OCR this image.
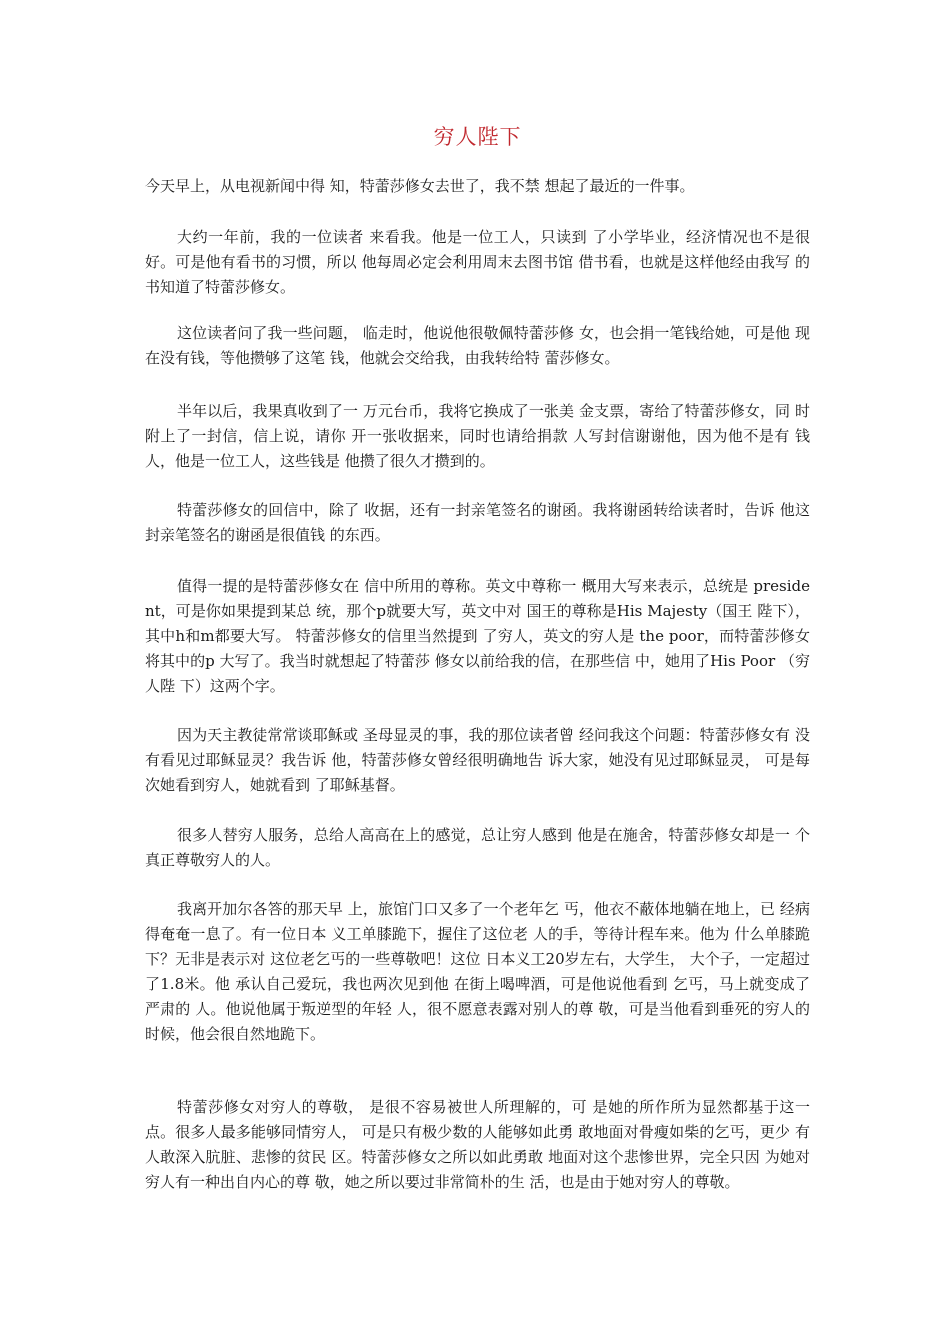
穷人陛下

今天早上，从电视新闻中得 知，特蕾莎修女去世了，我不禁 想起了最近的一件事。

大约一年前，我的一位读者 来看我。他是一位工人，只读到 了小学毕业，经济情况也不是很 好。可是他有看书的习惯，所以 他每周必定会利用周末去图书馆 借书看，也就是这样他经由我写 的书知道了特蕾莎修女。

这位读者问了我一些问题， 临走时，他说他很敬佩特蕾莎修 女，也会捐一笔钱给她，可是他 现在没有钱，等他攒够了这笔 钱，他就会交给我，由我转给特 蕾莎修女。

半年以后，我果真收到了一 万元台币，我将它换成了一张美 金支票，寄给了特蕾莎修女，同 时附上了一封信，信上说，请你 开一张收据来，同时也请给捐款 人写封信谢谢他，因为他不是有 钱人，他是一位工人，这些钱是 他攒了很久才攒到的。

特蕾莎修女的回信中，除了 收据，还有一封亲笔签名的谢函。我将谢函转给读者时，告诉 他这封亲笔签名的谢函是很值钱 的东西。

值得一提的是特蕾莎修女在 信中所用的尊称。英文中尊称一 概用大写来表示，总统是 president，可是你如果提到某总 统，那个p就要大写，英文中对 国王的尊称是His Majesty（国王 陛下），其中h和m都要大写。 特蕾莎修女的信里当然提到 了穷人，英文的穷人是 the poor，而特蕾莎修女将其中的p 大写了。我当时就想起了特蕾莎 修女以前给我的信，在那些信 中，她用了His Poor （穷人陛 下）这两个字。

因为天主教徒常常谈耶稣或 圣母显灵的事，我的那位读者曾 经问我这个问题：特蕾莎修女有 没有看见过耶稣显灵？我告诉 他，特蕾莎修女曾经很明确地告 诉大家，她没有见过耶稣显灵， 可是每次她看到穷人，她就看到 了耶稣基督。

很多人替穷人服务，总给人高高在上的感觉，总让穷人感到 他是在施舍，特蕾莎修女却是一 个真正尊敬穷人的人。

我离开加尔各答的那天早 上，旅馆门口又多了一个老年乞 丐，他衣不蔽体地躺在地上，已 经病得奄奄一息了。有一位日本 义工单膝跪下，握住了这位老 人的手，等待计程车来。他为 什么单膝跪下？无非是表示对 这位老乞丐的一些尊敬吧！这位 日本义工20岁左右，大学生， 大个子，一定超过了1.8米。他 承认自己爱玩，我也两次见到他 在街上喝啤酒，可是他说他看到 乞丐，马上就变成了严肃的 人。他说他属于叛逆型的年轻 人，很不愿意表露对别人的尊 敬，可是当他看到垂死的穷人的 时候，他会很自然地跪下。

特蕾莎修女对穷人的尊敬， 是很不容易被世人所理解的，可 是她的所作所为显然都基于这一 点。很多人最多能够同情穷人， 可是只有极少数的人能够如此勇 敢地面对骨瘦如柴的乞丐，更少 有人敢深入肮脏、悲惨的贫民 区。特蕾莎修女之所以如此勇敢 地面对这个悲惨世界，完全只因 为她对穷人有一种出自内心的尊 敬，她之所以要过非常简朴的生 活，也是由于她对穷人的尊敬。
